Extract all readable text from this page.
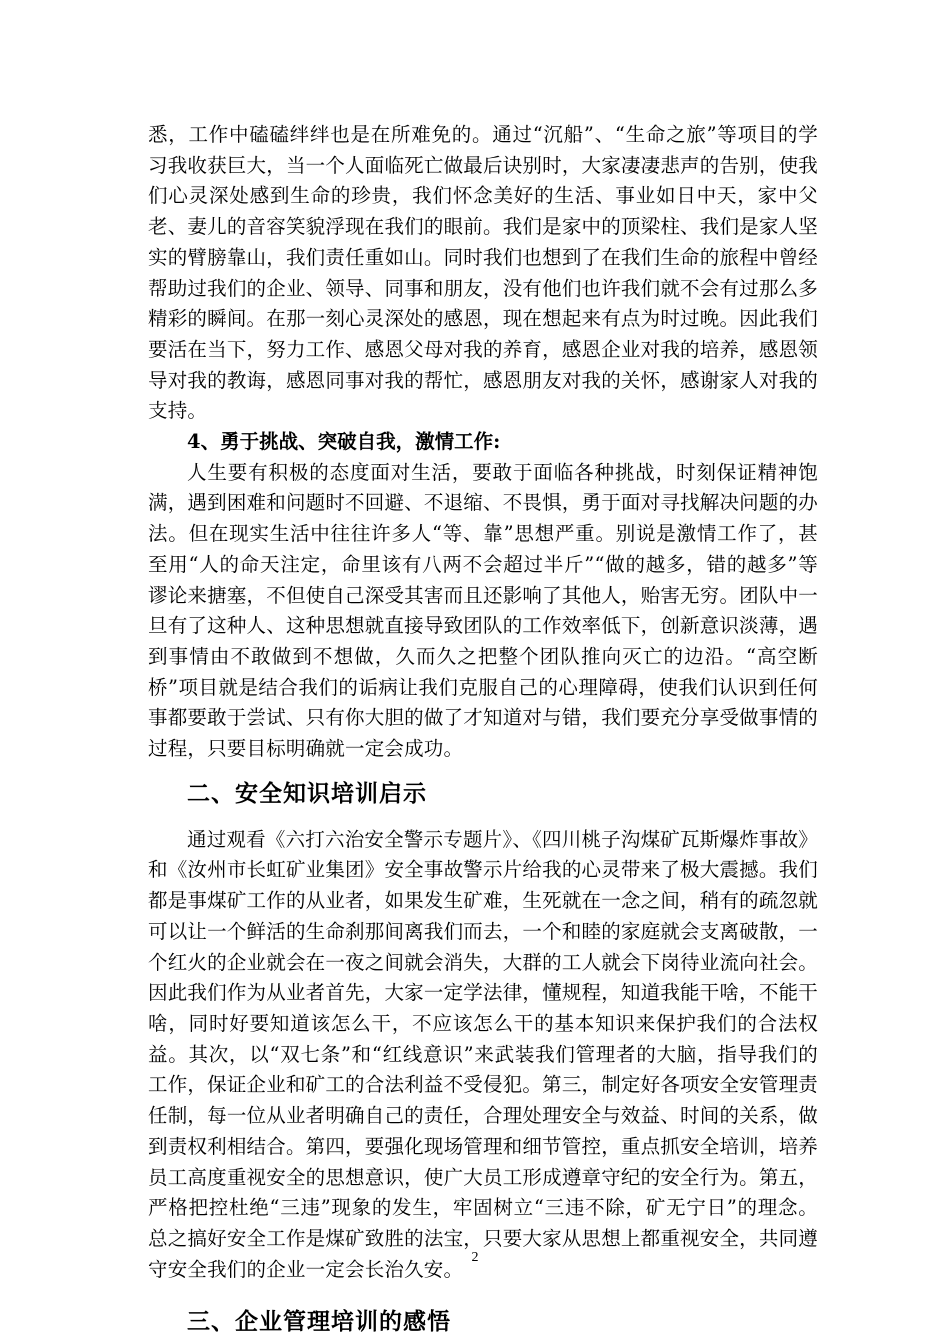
悉，工作中磕磕绊绊也是在所难免的。通过“沉船”、“生命之旅”等项目的学习我收获巨大，当一个人面临死亡做最后诀别时，大家凄凄悲声的告别，使我们心灵深处感到生命的珍贵，我们怀念美好的生活、事业如日中天，家中父老、妻儿的音容笑貌浮现在我们的眼前。我们是家中的顶梁柱、我们是家人坚实的臂膀靠山，我们责任重如山。同时我们也想到了在我们生命的旅程中曾经帮助过我们的企业、领导、同事和朋友，没有他们也许我们就不会有过那么多精彩的瞬间。在那一刻心灵深处的感恩，现在想起来有点为时过晚。因此我们要活在当下，努力工作、感恩父母对我的养育，感恩企业对我的培养，感恩领导对我的教诲，感恩同事对我的帮忙，感恩朋友对我的关怀，感谢家人对我的支持。

4、勇于挑战、突破自我，激情工作:

人生要有积极的态度面对生活，要敢于面临各种挑战，时刻保证精神饱满，遇到困难和问题时不回避、不退缩、不畏惧，勇于面对寻找解决问题的办法。但在现实生活中往往许多人“等、靠”思想严重。别说是激情工作了，甚至用“人的命天注定，命里该有八两不会超过半斤”“做的越多，错的越多”等谬论来搪塞，不但使自己深受其害而且还影响了其他人，贻害无穷。团队中一旦有了这种人、这种思想就直接导致团队的工作效率低下，创新意识淡薄，遇到事情由不敢做到不想做，久而久之把整个团队推向灭亡的边沿。“高空断桥”项目就是结合我们的诟病让我们克服自己的心理障碍，使我们认识到任何事都要敢于尝试、只有你大胆的做了才知道对与错，我们要充分享受做事情的过程，只要目标明确就一定会成功。

二、安全知识培训启示

通过观看《六打六治安全警示专题片》、《四川桃子沟煤矿瓦斯爆炸事故》和《汝州市长虹矿业集团》安全事故警示片给我的心灵带来了极大震撼。我们都是事煤矿工作的从业者，如果发生矿难，生死就在一念之间，稍有的疏忽就可以让一个鲜活的生命刹那间离我们而去，一个和睦的家庭就会支离破散，一个红火的企业就会在一夜之间就会消失，大群的工人就会下岗待业流向社会。因此我们作为从业者首先，大家一定学法律，懂规程，知道我能干啥，不能干啥，同时好要知道该怎么干，不应该怎么干的基本知识来保护我们的合法权益。其次，以“双七条”和“红线意识”来武装我们管理者的大脑，指导我们的工作，保证企业和矿工的合法利益不受侵犯。第三，制定好各项安全安管理责任制，每一位从业者明确自己的责任，合理处理安全与效益、时间的关系，做到责权利相结合。第四，要强化现场管理和细节管控，重点抓安全培训，培养员工高度重视安全的思想意识，使广大员工形成遵章守纪的安全行为。第五，严格把控杜绝“三违”现象的发生，牢固树立“三违不除，矿无宁日”的理念。总之搞好安全工作是煤矿致胜的法宝，只要大家从思想上都重视安全，共同遵守安全我们的企业一定会长治久安。

三、企业管理培训的感悟
2
